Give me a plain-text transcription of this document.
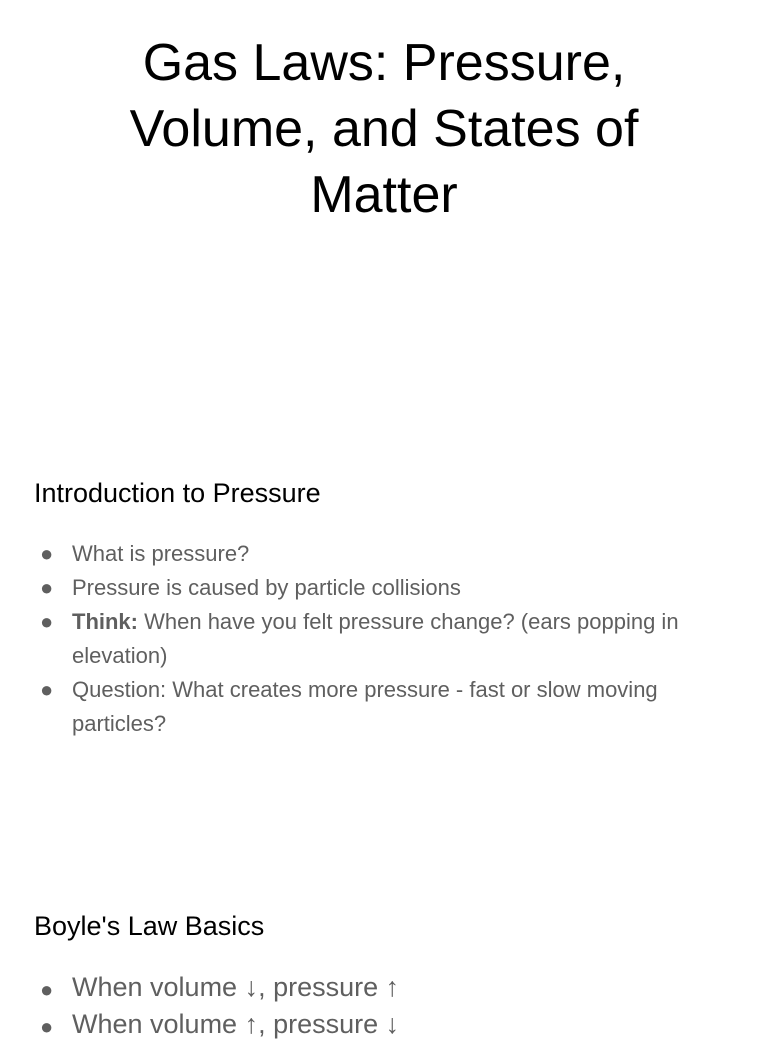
Gas Laws: Pressure, Volume, and States of Matter
Introduction to Pressure
● What is pressure?
● Pressure is caused by particle collisions
● Think: When have you felt pressure change? (ears popping in elevation)
● Question: What creates more pressure - fast or slow moving particles?
Boyle's Law Basics
● When volume ↓, pressure ↑
● When volume ↑, pressure ↓
